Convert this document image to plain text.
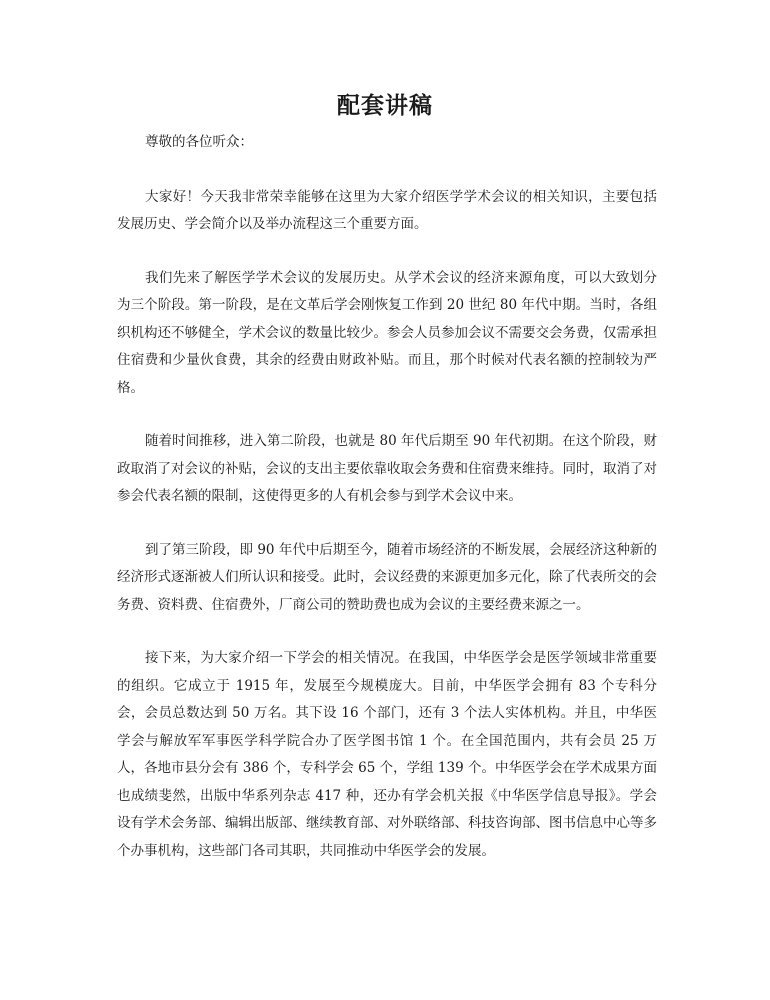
配套讲稿

尊敬的各位听众：

大家好！今天我非常荣幸能够在这里为大家介绍医学学术会议的相关知识，主要包括发展历史、学会简介以及举办流程这三个重要方面。

我们先来了解医学学术会议的发展历史。从学术会议的经济来源角度，可以大致划分为三个阶段。第一阶段，是在文革后学会刚恢复工作到 20 世纪 80 年代中期。当时，各组织机构还不够健全，学术会议的数量比较少。参会人员参加会议不需要交会务费，仅需承担住宿费和少量伙食费，其余的经费由财政补贴。而且，那个时候对代表名额的控制较为严格。

随着时间推移，进入第二阶段，也就是 80 年代后期至 90 年代初期。在这个阶段，财政取消了对会议的补贴，会议的支出主要依靠收取会务费和住宿费来维持。同时，取消了对参会代表名额的限制，这使得更多的人有机会参与到学术会议中来。

到了第三阶段，即 90 年代中后期至今，随着市场经济的不断发展，会展经济这种新的经济形式逐渐被人们所认识和接受。此时，会议经费的来源更加多元化，除了代表所交的会务费、资料费、住宿费外，厂商公司的赞助费也成为会议的主要经费来源之一。

接下来，为大家介绍一下学会的相关情况。在我国，中华医学会是医学领域非常重要的组织。它成立于 1915 年，发展至今规模庞大。目前，中华医学会拥有 83 个专科分会，会员总数达到 50 万名。其下设 16 个部门，还有 3 个法人实体机构。并且，中华医学会与解放军军事医学科学院合办了医学图书馆 1 个。在全国范围内，共有会员 25 万人，各地市县分会有 386 个，专科学会 65 个，学组 139 个。中华医学会在学术成果方面也成绩斐然，出版中华系列杂志 417 种，还办有学会机关报《中华医学信息导报》。学会设有学术会务部、编辑出版部、继续教育部、对外联络部、科技咨询部、图书信息中心等多个办事机构，这些部门各司其职，共同推动中华医学会的发展。
